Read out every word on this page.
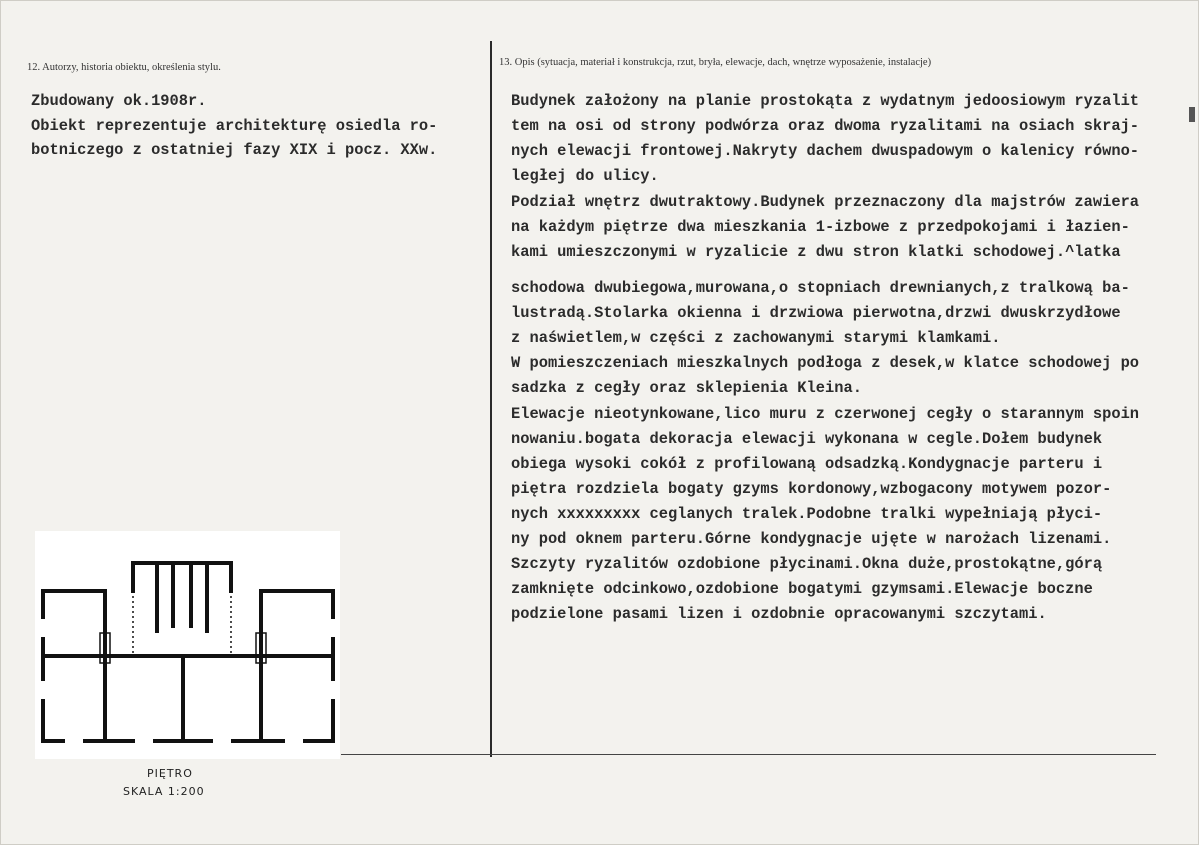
12. Autorzy, historia obiektu, określenia stylu.	13. Opis (sytuacja, materiał i konstrukcja, rzut, bryła, elewacje, dach, wnętrze wyposażenie, instalacje)
Zbudowany ok.1908r.
Obiekt reprezentuje architekturę osiedla ro-
botniczego z ostatniej fazy XIX i pocz. XXw.
Budynek założony na planie prostokąta z wydatnym jedoosiowym ryzalit
tem na osi od strony podwórza oraz dwoma ryzalitami na osiach skraj-
nych elewacji frontowej.Nakryty dachem dwuspadowym o kalenicy równo-
ległej do ulicy.
Podział wnętrz dwutraktowy.Budynek przeznaczony dla majstrów zawiera
na każdym piętrze dwa mieszkania 1-izbowe z przedpokojami i łazien-
kami umieszczonymi w ryzalicie z dwu stron klatki schodowej.^latka
schodowa dwubiegowa,murowana,o stopniach drewnianych,z tralkową ba-
lustradą.Stolarka okienna i drzwiowa pierwotna,drzwi dwuskrzydłowe
z naświetlem,w części z zachowanymi starymi klamkami.
W pomieszczeniach mieszkalnych podłoga z desek,w klatce schodowej po
sadzka z cegły oraz sklepienia Kleina.
Elewacje nieotynkowane,lico muru z czerwonej cegły o starannym spoin
nowaniu.bogata dekoracja elewacji wykonana w cegle.Dołem budynek
obiega wysoki cokół z profilowaną odsadzką.Kondygnacje parteru i
piętra rozdziela bogaty gzyms kordonowy,wzbogacony motywem pozor-
nych xxxxxxxxx ceglanych tralek.Podobne tralki wypełniają płyci-
ny pod oknem parteru.Górne kondygnacje ujęte w narożach lizenami.
Szczyty ryzalitów ozdobione płycinami.Okna duże,prostokątne,górą
zamknięte odcinkowo,ozdobione bogatymi gzymsami.Elewacje boczne
podzielone pasami lizen i ozdobnie opracowanymi szczytami.
PIĘTRO
SKALA 1:200
